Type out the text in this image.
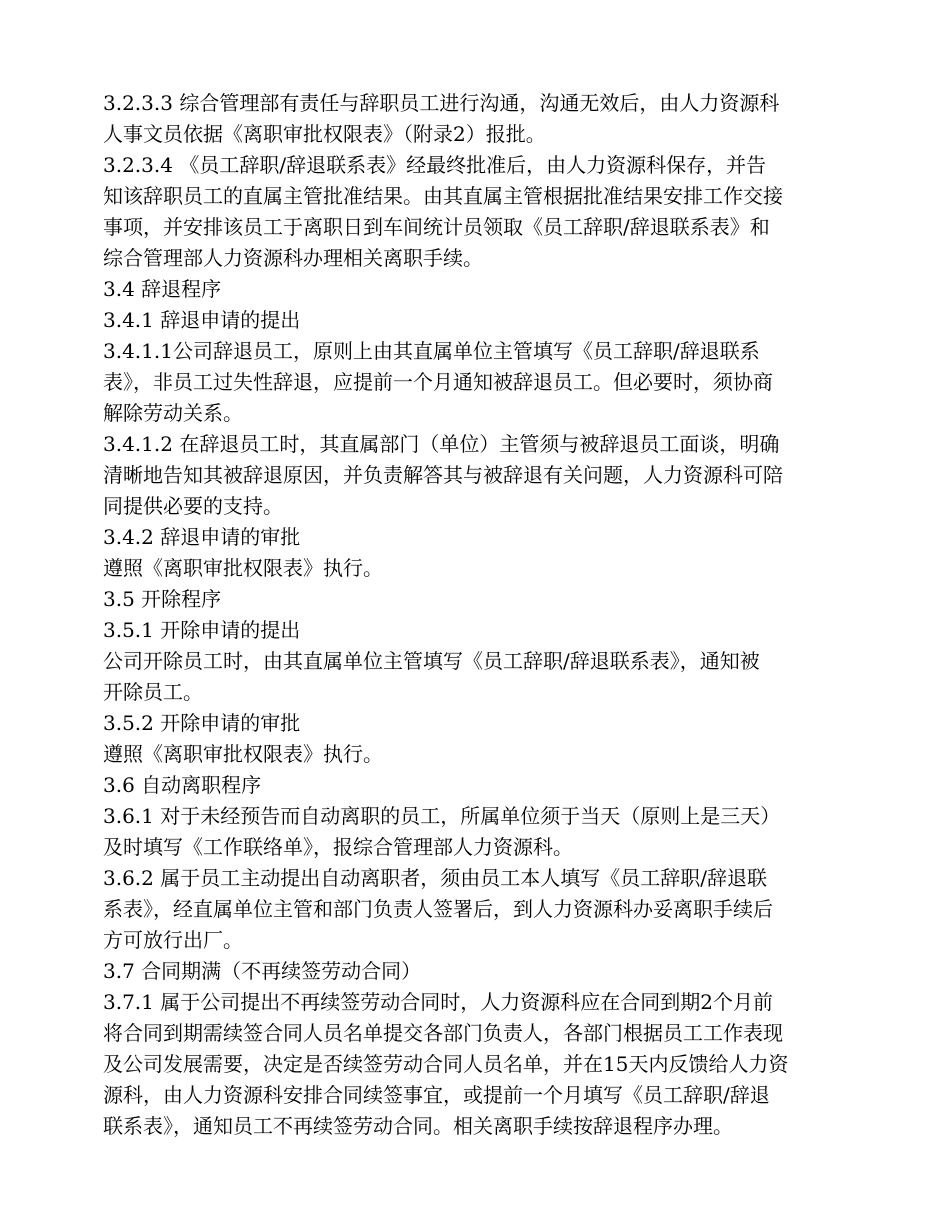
3.2.3.3 综合管理部有责任与辞职员工进行沟通，沟通无效后，由人力资源科
人事文员依据《离职审批权限表》（附录2）报批。
3.2.3.4 《员工辞职/辞退联系表》经最终批准后，由人力资源科保存，并告
知该辞职员工的直属主管批准结果。由其直属主管根据批准结果安排工作交接
事项，并安排该员工于离职日到车间统计员领取《员工辞职/辞退联系表》和
综合管理部人力资源科办理相关离职手续。
3.4 辞退程序
3.4.1 辞退申请的提出
3.4.1.1公司辞退员工，原则上由其直属单位主管填写《员工辞职/辞退联系
表》，非员工过失性辞退，应提前一个月通知被辞退员工。但必要时，须协商
解除劳动关系。
3.4.1.2 在辞退员工时，其直属部门（单位）主管须与被辞退员工面谈，明确
清晰地告知其被辞退原因，并负责解答其与被辞退有关问题，人力资源科可陪
同提供必要的支持。
3.4.2 辞退申请的审批
遵照《离职审批权限表》执行。
3.5 开除程序
3.5.1 开除申请的提出
公司开除员工时，由其直属单位主管填写《员工辞职/辞退联系表》，通知被
开除员工。
3.5.2 开除申请的审批
遵照《离职审批权限表》执行。
3.6 自动离职程序
3.6.1 对于未经预告而自动离职的员工，所属单位须于当天（原则上是三天）
及时填写《工作联络单》，报综合管理部人力资源科。
3.6.2 属于员工主动提出自动离职者，须由员工本人填写《员工辞职/辞退联
系表》，经直属单位主管和部门负责人签署后，到人力资源科办妥离职手续后
方可放行出厂。
3.7 合同期满（不再续签劳动合同）
3.7.1 属于公司提出不再续签劳动合同时，人力资源科应在合同到期2个月前
将合同到期需续签合同人员名单提交各部门负责人，各部门根据员工工作表现
及公司发展需要，决定是否续签劳动合同人员名单，并在15天内反馈给人力资
源科，由人力资源科安排合同续签事宜，或提前一个月填写《员工辞职/辞退
联系表》，通知员工不再续签劳动合同。相关离职手续按辞退程序办理。
